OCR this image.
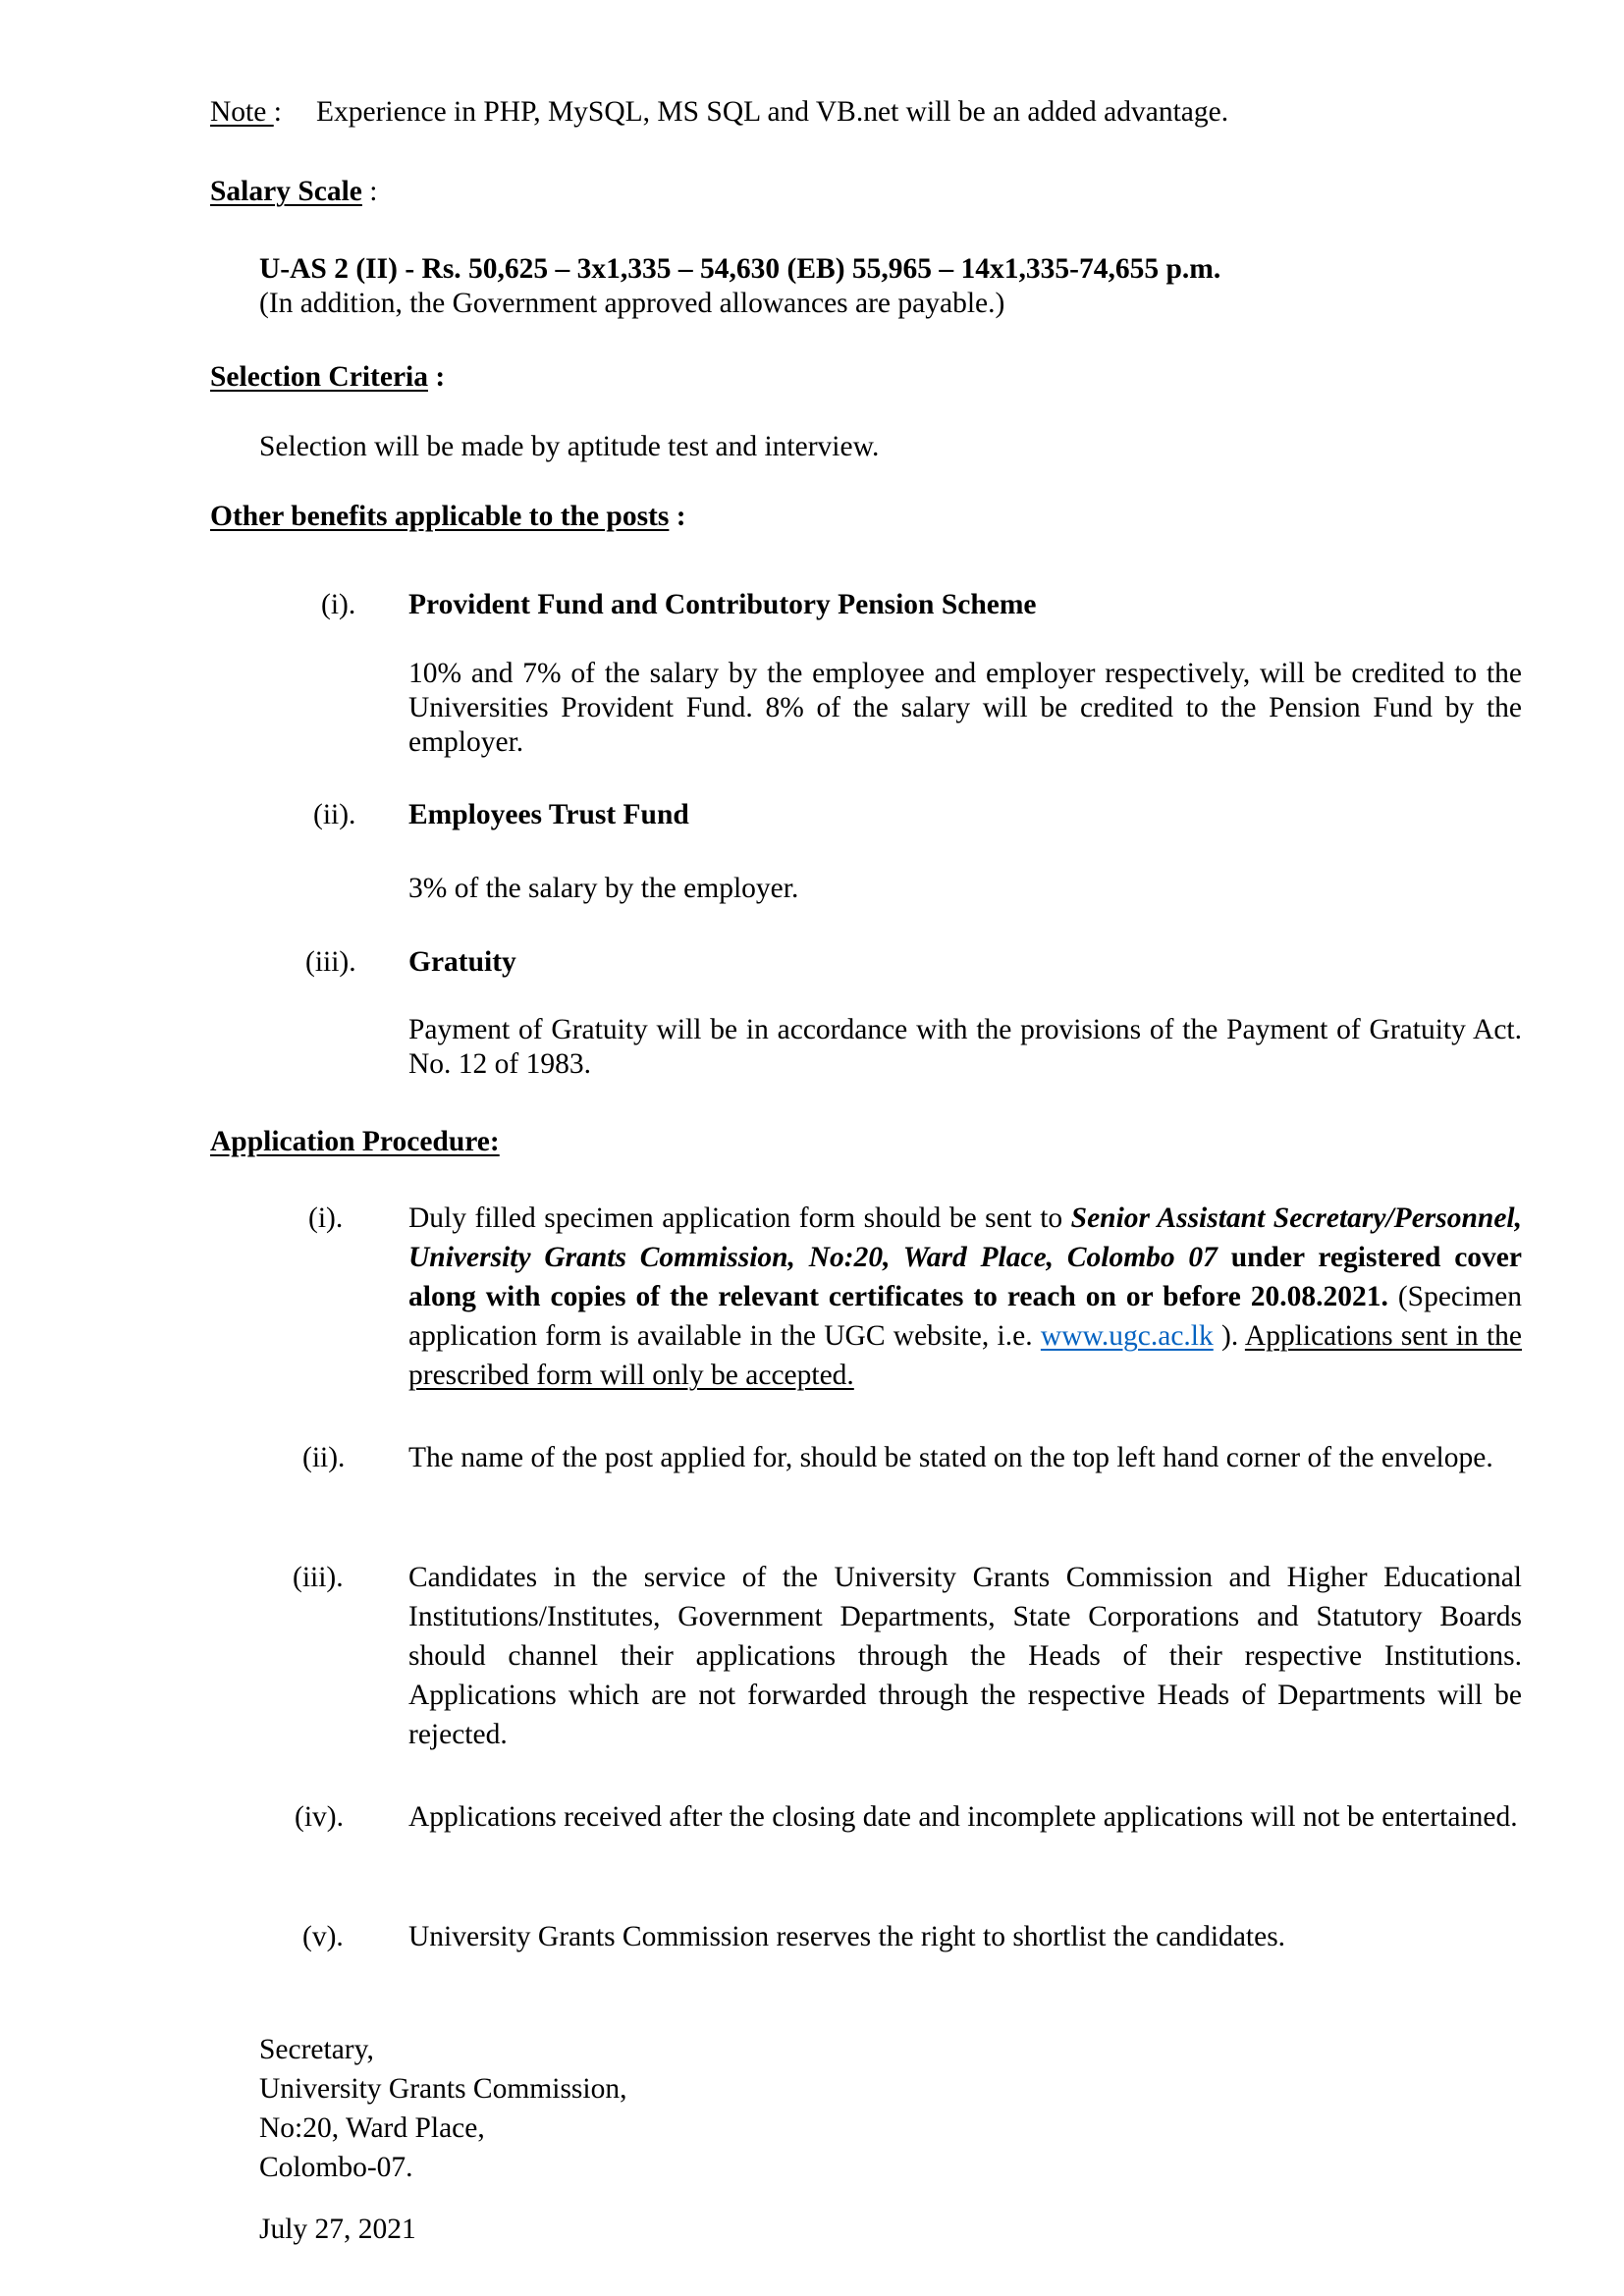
Note : Experience in PHP, MySQL, MS SQL and VB.net will be an added advantage.
Salary Scale :
U-AS 2 (II) - Rs. 50,625 – 3x1,335 – 54,630 (EB) 55,965 – 14x1,335-74,655 p.m.
(In addition, the Government approved allowances are payable.)
Selection Criteria :
Selection will be made by aptitude test and interview.
Other benefits applicable to the posts :
(i). Provident Fund and Contributory Pension Scheme
10% and 7% of the salary by the employee and employer respectively, will be credited to the Universities Provident Fund. 8% of the salary will be credited to the Pension Fund by the employer.
(ii). Employees Trust Fund
3% of the salary by the employer.
(iii). Gratuity
Payment of Gratuity will be in accordance with the provisions of the Payment of Gratuity Act. No. 12 of 1983.
Application Procedure:
(i). Duly filled specimen application form should be sent to Senior Assistant Secretary/Personnel, University Grants Commission, No:20, Ward Place, Colombo 07 under registered cover along with copies of the relevant certificates to reach on or before 20.08.2021. (Specimen application form is available in the UGC website, i.e. www.ugc.ac.lk ). Applications sent in the prescribed form will only be accepted.
(ii). The name of the post applied for, should be stated on the top left hand corner of the envelope.
(iii). Candidates in the service of the University Grants Commission and Higher Educational Institutions/Institutes, Government Departments, State Corporations and Statutory Boards should channel their applications through the Heads of their respective Institutions. Applications which are not forwarded through the respective Heads of Departments will be rejected.
(iv). Applications received after the closing date and incomplete applications will not be entertained.
(v). University Grants Commission reserves the right to shortlist the candidates.
Secretary,
University Grants Commission,
No:20, Ward Place,
Colombo-07.
July 27, 2021
